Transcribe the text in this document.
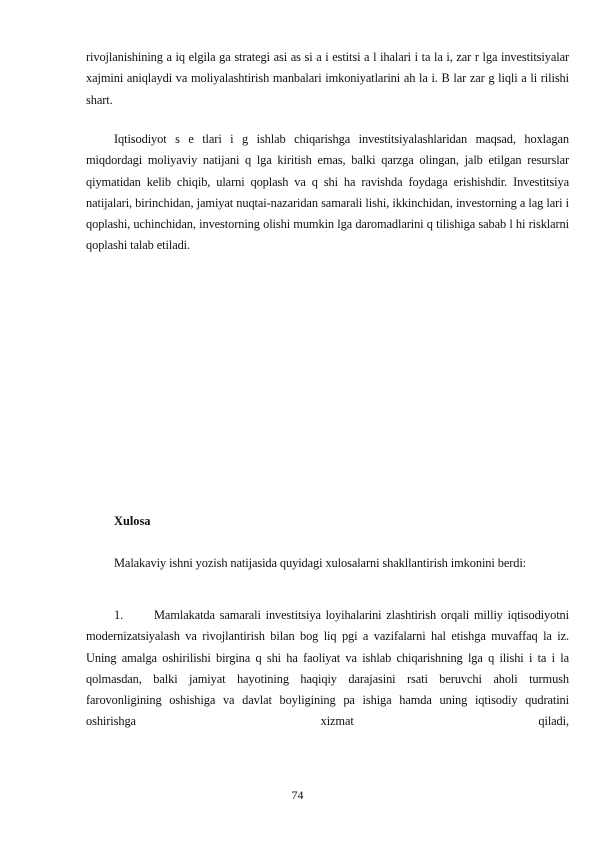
rivojlanishining a iq elgila ga strategi asi as si a i estitsi a l ihalari i ta la i, zar r lga investitsiyalar xajmini aniqlaydi va moliyalashtirish manbalari imkoniyatlarini ah la i. B lar zar g liqli a li rilishi shart.

Iqtisodiyot s e tlari i g ishlab chiqarishga investitsiyalashlaridan maqsad, hoxlagan miqdordagi moliyaviy natijani q lga kiritish emas, balki qarzga olingan, jalb etilgan resurslar qiymatidan kelib chiqib, ularni qoplash va q shi ha ravishda foydaga erishishdir. Investitsiya natijalari, birinchidan, jamiyat nuqtai-nazaridan samarali lishi, ikkinchidan, investorning a lag lari i qoplashi, uchinchidan, investorning olishi mumkin lga daromadlarini q tilishiga sabab l hi risklarni qoplashi talab etiladi.

Xulosa

Malakaviy ishni yozish natijasida quyidagi xulosalarni shakllantirish imkonini berdi:

1. Mamlakatda samarali investitsiya loyihalarini zlashtirish orqali milliy iqtisodiyotni modernizatsiyalash va rivojlantirish bilan bog liq pgi a vazifalarni hal etishga muvaffaq la iz. Uning amalga oshirilishi birgina q shi ha faoliyat va ishlab chiqarishning lga q ilishi i ta i la qolmasdan, balki jamiyat hayotining haqiqiy darajasini rsati beruvchi aholi turmush farovonligining oshishiga va davlat boyligining pa ishiga hamda uning iqtisodiy qudratini oshirishga xizmat qiladi,

74
